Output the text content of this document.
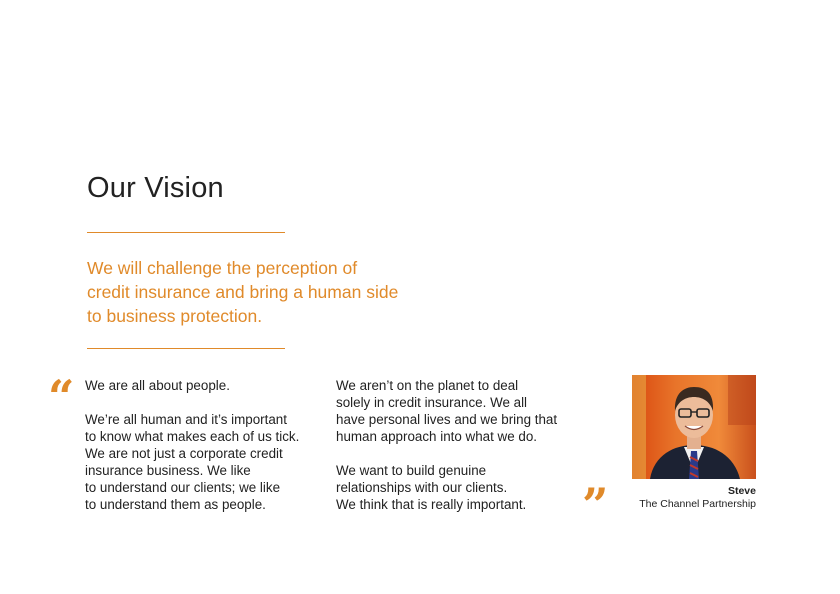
Our Vision

We will challenge the perception of
credit insurance and bring a human side
to business protection.

“ We are all about people.

We’re all human and it’s important
to know what makes each of us tick.
We are not just a corporate credit
insurance business. We like
to understand our clients; we like
to understand them as people.

We aren’t on the planet to deal
solely in credit insurance. We all
have personal lives and we bring that
human approach into what we do.

We want to build genuine
relationships with our clients.
We think that is really important.	”	Steve
The Channel Partnership
